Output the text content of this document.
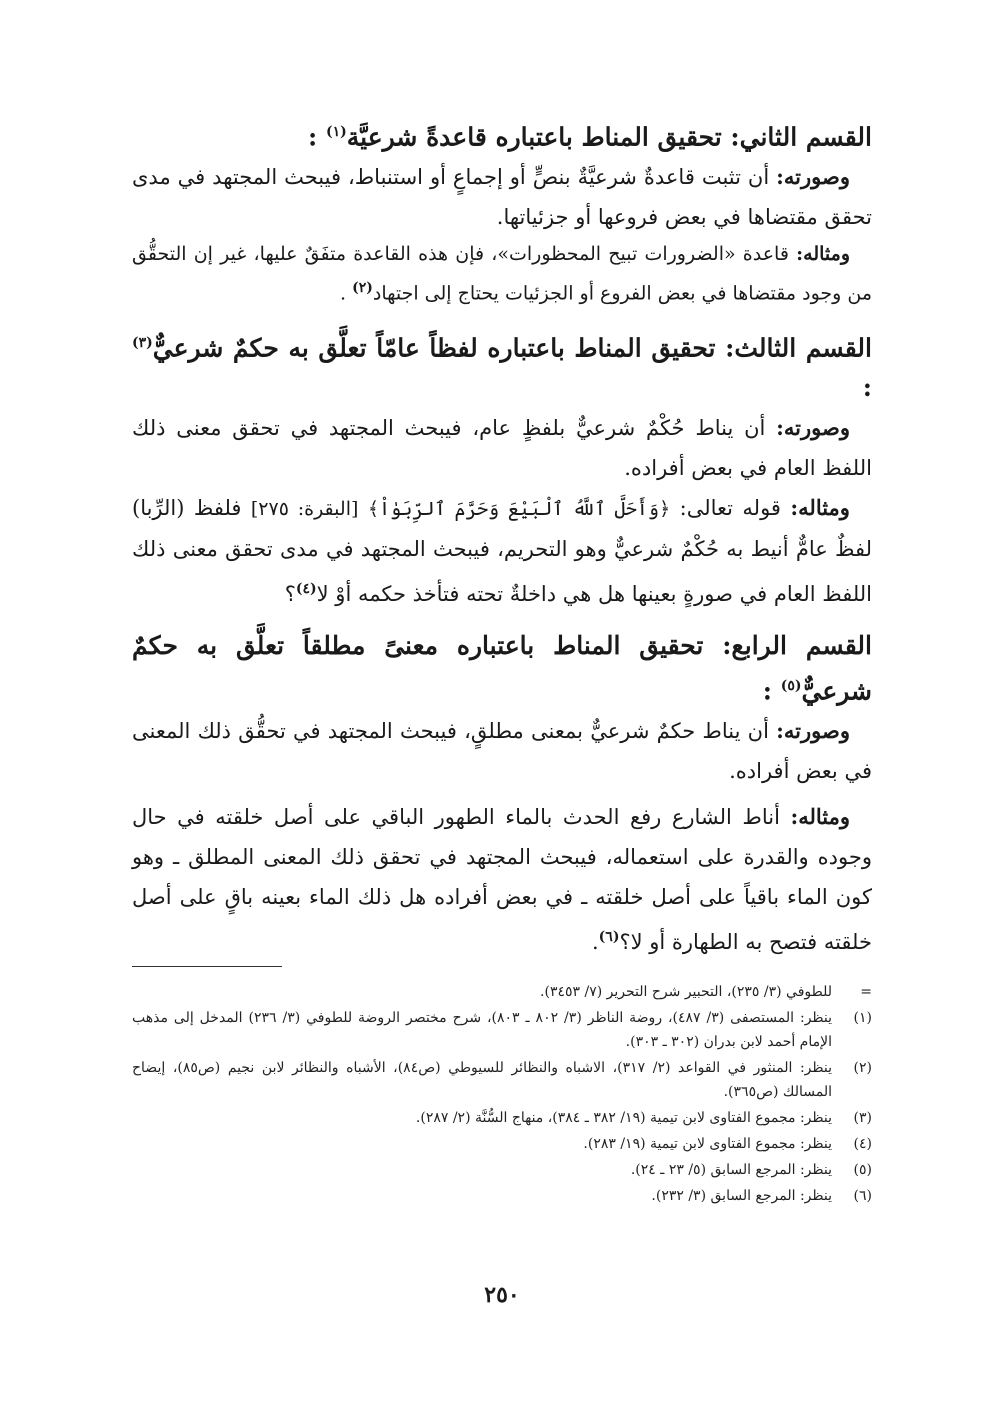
القسم الثاني: تحقيق المناط باعتباره قاعدةً شرعيَّة$^{(١)}$ :

وصورته: أن تثبت قاعدةٌ شرعيَّةٌ بنصٍّ أو إجماعٍ أو استنباط، فيبحث المجتهد في مدى تحقق مقتضاها في بعض فروعها أو جزئياتها.

ومثاله: قاعدة «الضرورات تبيح المحظورات»، فإن هذه القاعدة متفَقٌ عليها، غير إن التحقُّق من وجود مقتضاها في بعض الفروع أو الجزئيات يحتاج إلى اجتهاد$^{(٢)}$ .

القسم الثالث: تحقيق المناط باعتباره لفظاً عامّاً تعلَّق به حكمٌ شرعيٌّ$^{(٣)}$ :

وصورته: أن يناط حُكْمٌ شرعيٌّ بلفظٍ عام، فيبحث المجتهد في تحقق معنى ذلك اللفظ العام في بعض أفراده.

ومثاله: قوله تعالى: ﴿وَأَحَلَّ ٱللَّهُ ٱلْبَيْعَ وَحَرَّمَ ٱلرِّبَوٰاْ﴾ [البقرة: ٢٧٥] فلفظ (الرِّبا) لفظٌ عامٌّ أنيط به حُكْمٌ شرعيٌّ وهو التحريم، فيبحث المجتهد في مدى تحقق معنى ذلك اللفظ العام في صورةٍ بعينها هل هي داخلةٌ تحته فتأخذ حكمه أوْ لا$^{(٤)}$؟

القسم الرابع: تحقيق المناط باعتباره معنىً مطلقاً تعلَّق به حكمٌ شرعيٌّ$^{(٥)}$ :

وصورته: أن يناط حكمٌ شرعيٌّ بمعنى مطلقٍ، فيبحث المجتهد في تحقُّق ذلك المعنى في بعض أفراده.

ومثاله: أناط الشارع رفع الحدث بالماء الطهور الباقي على أصل خلقته في حال وجوده والقدرة على استعماله، فيبحث المجتهد في تحقق ذلك المعنى المطلق ـ وهو كون الماء باقياً على أصل خلقته ـ في بعض أفراده هل ذلك الماء بعينه باقٍ على أصل خلقته فتصح به الطهارة أو لا؟$^{(٦)}$.

=
للطوفي (٣/ ٢٣٥)، التحبير شرح التحرير (٧/ ٣٤٥٣).
(١)
ينظر: المستصفى (٣/ ٤٨٧)، روضة الناظر (٣/ ٨٠٢ ـ ٨٠٣)، شرح مختصر الروضة للطوفي (٣/ ٢٣٦) المدخل إلى مذهب الإمام أحمد لابن بدران (٣٠٢ ـ ٣٠٣).
(٢)
ينظر: المنثور في القواعد (٢/ ٣١٧)، الاشباه والنظائر للسيوطي (ص٨٤)، الأشباه والنظائر لابن نجيم (ص٨٥)، إيضاح المسالك (ص٣٦٥).
(٣)
ينظر: مجموع الفتاوى لابن تيمية (١٩/ ٣٨٢ ـ ٣٨٤)، منهاج السُّنَّة (٢/ ٢٨٧).
(٤)
ينظر: مجموع الفتاوى لابن تيمية (١٩/ ٢٨٣).
(٥)
ينظر: المرجع السابق (٥/ ٢٣ ـ ٢٤).
(٦)
ينظر: المرجع السابق (٣/ ٢٣٢).
٢٥٠
